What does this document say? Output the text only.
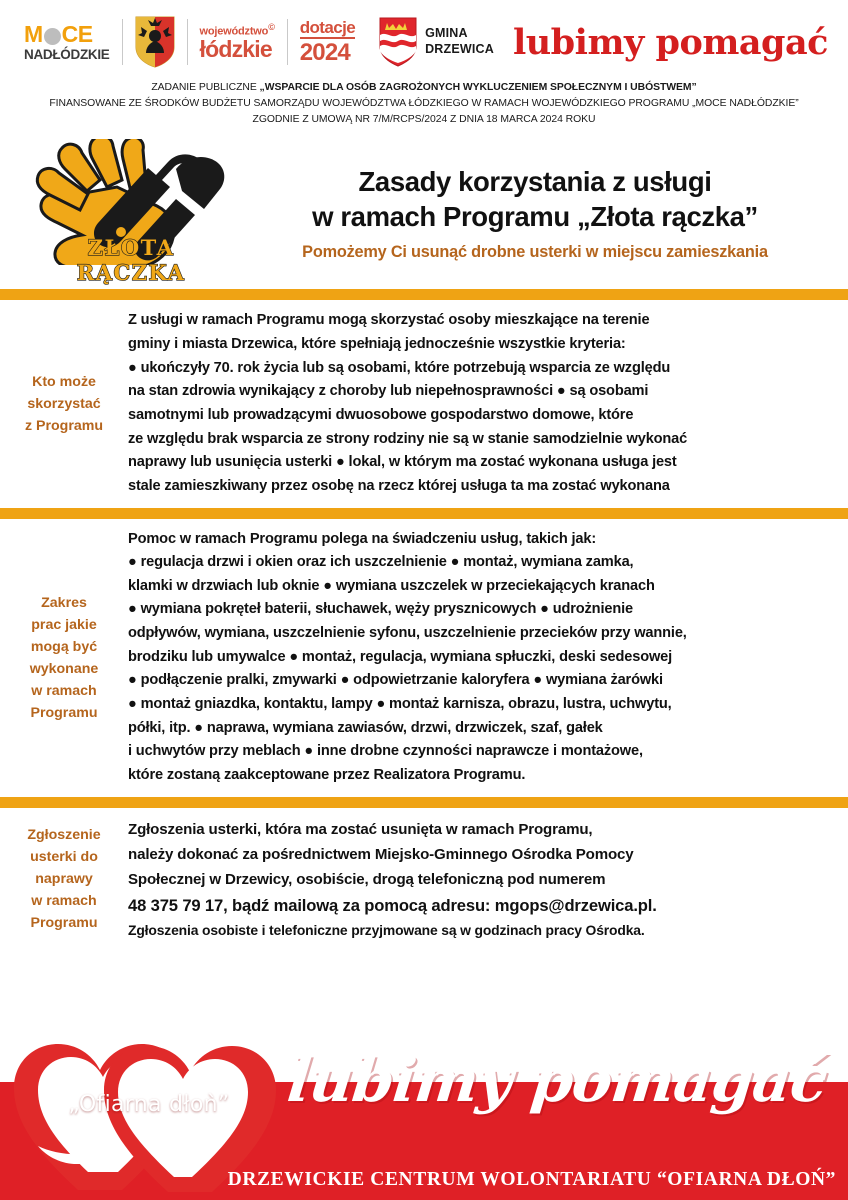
M CE
NADŁÓDZKIE
województwo©
łódzkie
dotacje
2024
GMINA
DRZEWICA lubimy pomagać
ZADANIE PUBLICZNE „WSPARCIE DLA OSÓB ZAGROŻONYCH WYKLUCZENIEM SPOŁECZNYM I UBÓSTWEM”
FINANSOWANE ZE ŚRODKÓW BUDŻETU SAMORZĄDU WOJEWÓDZTWA ŁÓDZKIEGO W RAMACH WOJEWÓDZKIEGO PROGRAMU „MOCE NADŁÓDZKIE”
ZGODNIE Z UMOWĄ NR 7/M/RCPS/2024 Z DNIA 18 MARCA 2024 ROKU
ZŁOTA RĄCZKA
Zasady korzystania z usługi
w ramach Programu „Złota rączka”
Pomożemy Ci usunąć drobne usterki w miejscu zamieszkania
Kto może
skorzystać
z Programu
Z usługi w ramach Programu mogą skorzystać osoby mieszkające na terenie
gminy i miasta Drzewica, które spełniają jednocześnie wszystkie kryteria:
● ukończyły 70. rok życia lub są osobami, które potrzebują wsparcia ze względu
na stan zdrowia wynikający z choroby lub niepełnosprawności ● są osobami
samotnymi lub prowadzącymi dwuosobowe gospodarstwo domowe, które
ze względu brak wsparcia ze strony rodziny nie są w stanie samodzielnie wykonać
naprawy lub usunięcia usterki ● lokal, w którym ma zostać wykonana usługa jest
stale zamieszkiwany przez osobę na rzecz której usługa ta ma zostać wykonana
Zakres
prac jakie
mogą być
wykonane
w ramach
Programu
Pomoc w ramach Programu polega na świadczeniu usług, takich jak:
● regulacja drzwi i okien oraz ich uszczelnienie ● montaż, wymiana zamka,
klamki w drzwiach lub oknie ● wymiana uszczelek w przeciekających kranach
● wymiana pokręteł baterii, słuchawek, węży prysznicowych ● udrożnienie
odpływów, wymiana, uszczelnienie syfonu, uszczelnienie przecieków przy wannie,
brodziku lub umywalce ● montaż, regulacja, wymiana spłuczki, deski sedesowej
● podłączenie pralki, zmywarki ● odpowietrzanie kaloryfera ● wymiana żarówki
● montaż gniazdka, kontaktu, lampy ● montaż karnisza, obrazu, lustra, uchwytu,
półki, itp. ● naprawa, wymiana zawiasów, drzwi, drzwiczek, szaf, gałek
i uchwytów przy meblach ● inne drobne czynności naprawcze i montażowe,
które zostaną zaakceptowane przez Realizatora Programu.
Zgłoszenie
usterki do
naprawy
w ramach
Programu
Zgłoszenia usterki, która ma zostać usunięta w ramach Programu,
należy dokonać za pośrednictwem Miejsko-Gminnego Ośrodka Pomocy
Społecznej w Drzewicy, osobiście, drogą telefoniczną pod numerem
48 375 79 17, bądź mailową za pomocą adresu: mgops@drzewica.pl.
Zgłoszenia osobiste i telefoniczne przyjmowane są w godzinach pracy Ośrodka.
„Ofiarna dłoǹ” lubimy pomagać
DRZEWICKIE CENTRUM WOLONTARIATU “OFIARNA DŁOŃ”
